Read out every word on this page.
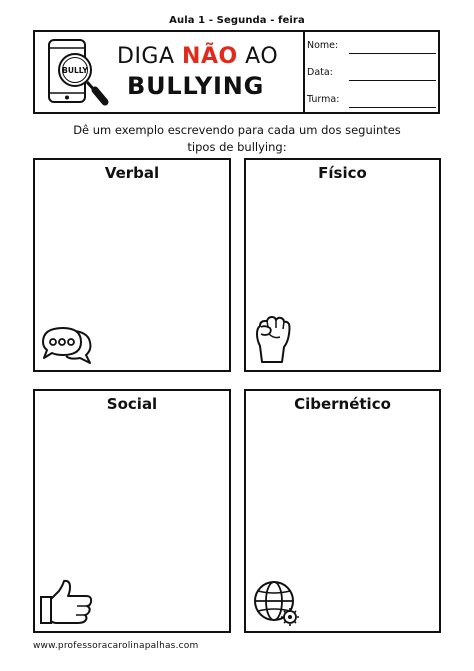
Aula 1 - Segunda - feira
BULLY
DIGA NÃO AO
BULLYING
Nome:
Data:
Turma:
Dê um exemplo escrevendo para cada um dos seguintes
tipos de bullying:
Verbal	Físico
Social	Cibernético
www.professoracarolinapalhas.com
